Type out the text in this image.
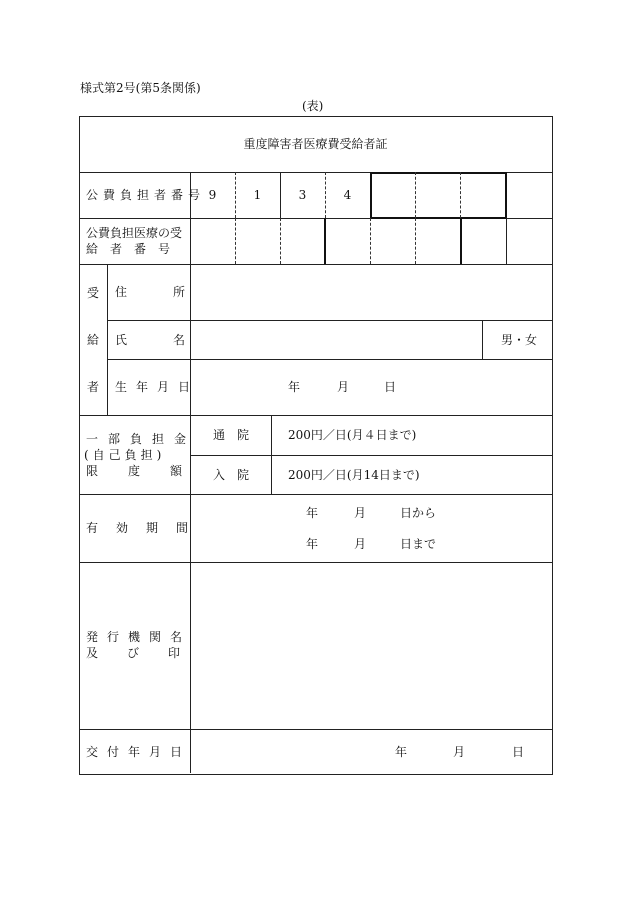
様式第2号(第5条関係)
(表)
重度障害者医療費受給者証
公費負担者番号 9	1	3	4
公費負担医療の受
給者番号
受
給
者
住所
氏名	男・女
生年月日	年	月	日
一部負担金
(自己負担)
限度額
通院 200円／日(月４日まで)
入院 200円／日(月14日まで)
有効期間
年	月	日から
年	月	日まで
発行機関名
及び印
交付年月日	年	月	日
